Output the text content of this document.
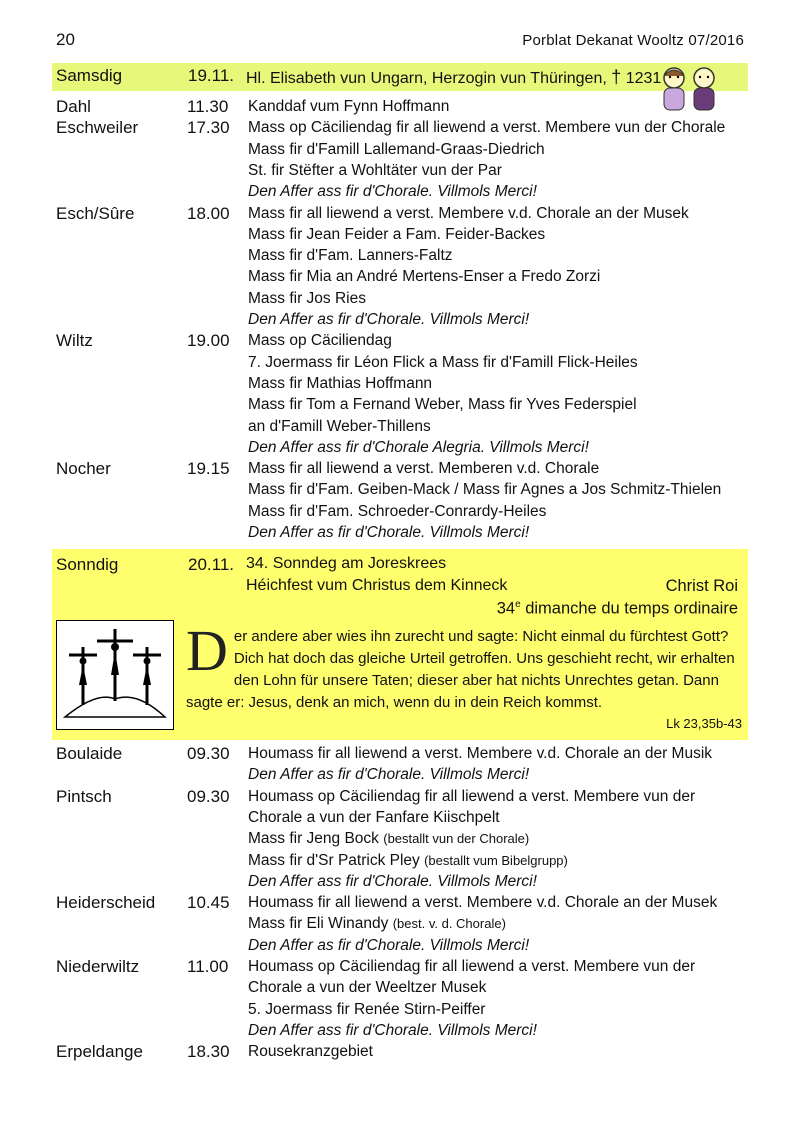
20	Porblat Dekanat Wooltz 07/2016
Samsdig	19.11. Hl. Elisabeth vun Ungarn, Herzogin vun Thüringen, † 1231
Dahl	11.30 Kanddaf vum Fynn Hoffmann
Eschweiler	17.30 Mass op Cäciliendag fir all liewend a verst. Membere vun der Chorale
Mass fir d'Famill Lallemand-Graas-Diedrich
St. fir Stëfter a Wohltäter vun der Par
Den Affer ass fir d'Chorale. Villmols Merci!
Esch/Sûre	18.00 Mass fir all liewend a verst. Membere v.d. Chorale an der Musek
Mass fir Jean Feider a Fam. Feider-Backes
Mass fir d'Fam. Lanners-Faltz
Mass fir Mia an André Mertens-Enser a Fredo Zorzi
Mass fir Jos Ries
Den Affer as fir d'Chorale. Villmols Merci!
Wiltz	19.00 Mass op Cäciliendag
7. Joermass fir Léon Flick a Mass fir d'Famill Flick-Heiles
Mass fir Mathias Hoffmann
Mass fir Tom a Fernand Weber, Mass fir Yves Federspiel
an d'Famill Weber-Thillens
Den Affer ass fir d'Chorale Alegria. Villmols Merci!
Nocher	19.15 Mass fir all liewend a verst. Memberen v.d. Chorale
Mass fir d'Fam. Geiben-Mack / Mass fir Agnes a Jos Schmitz-Thielen
Mass fir d'Fam. Schroeder-Conrardy-Heiles
Den Affer as fir d'Chorale. Villmols Merci!
Sonndig	20.11. 34. Sonndeg am Joreskrees
Héichfest vum Christus dem Kinneck	Christ Roi
34e dimanche du temps ordinaire
Der andere aber wies ihn zurecht und sagte: Nicht einmal du fürchtest Gott? Dich hat doch das gleiche Urteil getroffen. Uns geschieht recht, wir erhalten den Lohn für unsere Taten; dieser aber hat nichts Unrechtes getan. Dann sagte er: Jesus, denk an mich, wenn du in dein Reich kommst.
Lk 23,35b-43
Boulaide	09.30 Houmass fir all liewend a verst. Membere v.d. Chorale an der Musik
Den Affer as fir d'Chorale. Villmols Merci!
Pintsch	09.30 Houmass op Cäciliendag fir all liewend a verst. Membere vun der
Chorale a vun der Fanfare Kiischpelt
Mass fir Jeng Bock (bestallt vun der Chorale)
Mass fir d'Sr Patrick Pley (bestallt vum Bibelgrupp)
Den Affer ass fir d'Chorale. Villmols Merci!
Heiderscheid 10.45 Houmass fir all liewend a verst. Membere v.d. Chorale an der Musek
Mass fir Eli Winandy (best. v. d. Chorale)
Den Affer as fir d'Chorale. Villmols Merci!
Niederwiltz	11.00 Houmass op Cäciliendag fir all liewend a verst. Membere vun der
Chorale a vun der Weeltzer Musek
5. Joermass fir Renée Stirn-Peiffer
Den Affer ass fir d'Chorale. Villmols Merci!
Erpeldange	18.30 Rousekranzgebiet
